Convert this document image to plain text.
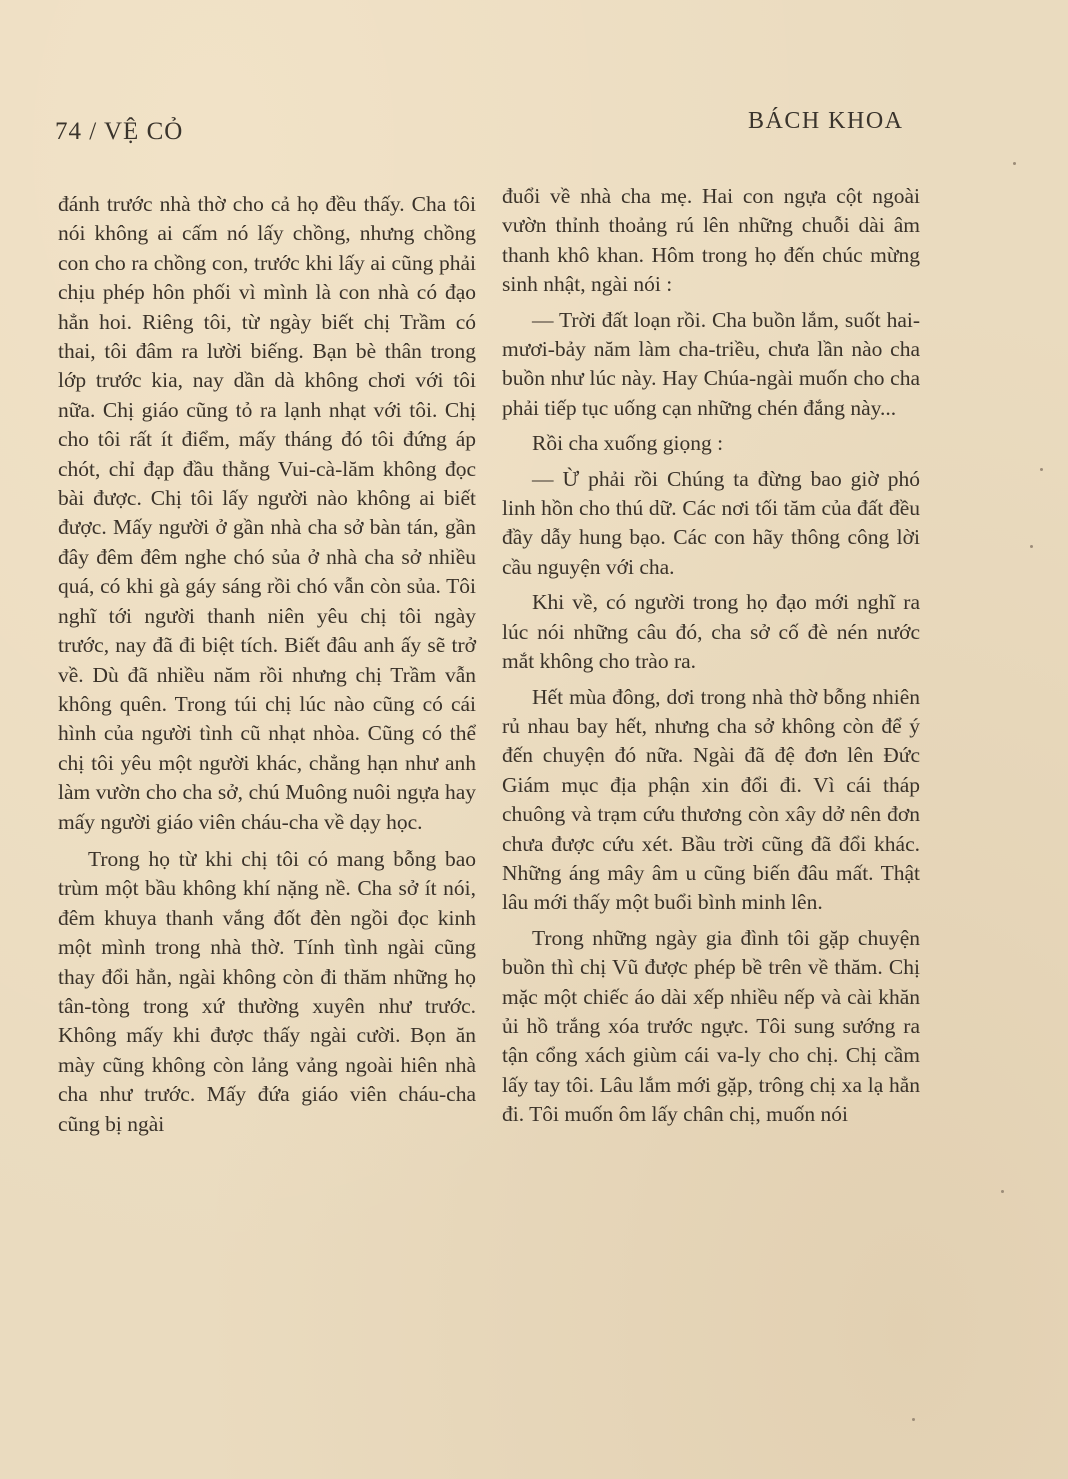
74 / VỆ CỎ	BÁCH KHOA

đánh trước nhà thờ cho cả họ đều thấy. Cha tôi nói không ai cấm nó lấy chồng, nhưng chồng con cho ra chồng con, trước khi lấy ai cũng phải chịu phép hôn phối vì mình là con nhà có đạo hẳn hoi. Riêng tôi, từ ngày biết chị Trầm có thai, tôi đâm ra lười biếng. Bạn bè thân trong lớp trước kia, nay dần dà không chơi với tôi nữa. Chị giáo cũng tỏ ra lạnh nhạt với tôi. Chị cho tôi rất ít điểm, mấy tháng đó tôi đứng áp chót, chỉ đạp đầu thằng Vui-cà-lăm không đọc bài được. Chị tôi lấy người nào không ai biết được. Mấy người ở gần nhà cha sở bàn tán, gần đây đêm đêm nghe chó sủa ở nhà cha sở nhiều quá, có khi gà gáy sáng rồi chó vẫn còn sủa. Tôi nghĩ tới người thanh niên yêu chị tôi ngày trước, nay đã đi biệt tích. Biết đâu anh ấy sẽ trở về. Dù đã nhiều năm rồi nhưng chị Trầm vẫn không quên. Trong túi chị lúc nào cũng có cái hình của người tình cũ nhạt nhòa. Cũng có thể chị tôi yêu một người khác, chẳng hạn như anh làm vườn cho cha sở, chú Muông nuôi ngựa hay mấy người giáo viên cháu-cha về dạy học.

Trong họ từ khi chị tôi có mang bỗng bao trùm một bầu không khí nặng nề. Cha sở ít nói, đêm khuya thanh vắng đốt đèn ngồi đọc kinh một mình trong nhà thờ. Tính tình ngài cũng thay đổi hẳn, ngài không còn đi thăm những họ tân-tòng trong xứ thường xuyên như trước. Không mấy khi được thấy ngài cười. Bọn ăn mày cũng không còn lảng vảng ngoài hiên nhà cha như trước. Mấy đứa giáo viên cháu-cha cũng bị ngài

đuổi về nhà cha mẹ. Hai con ngựa cột ngoài vườn thỉnh thoảng rú lên những chuỗi dài âm thanh khô khan. Hôm trong họ đến chúc mừng sinh nhật, ngài nói :

— Trời đất loạn rồi. Cha buồn lắm, suốt hai-mươi-bảy năm làm cha-triều, chưa lần nào cha buồn như lúc này. Hay Chúa-ngài muốn cho cha phải tiếp tục uống cạn những chén đắng này...

Rồi cha xuống giọng :

— Ừ phải rồi Chúng ta đừng bao giờ phó linh hồn cho thú dữ. Các nơi tối tăm của đất đều đầy dẫy hung bạo. Các con hãy thông công lời cầu nguyện với cha.

Khi về, có người trong họ đạo mới nghĩ ra lúc nói những câu đó, cha sở cố đè nén nước mắt không cho trào ra.

Hết mùa đông, dơi trong nhà thờ bỗng nhiên rủ nhau bay hết, nhưng cha sở không còn để ý đến chuyện đó nữa. Ngài đã đệ đơn lên Đức Giám mục địa phận xin đổi đi. Vì cái tháp chuông và trạm cứu thương còn xây dở nên đơn chưa được cứu xét. Bầu trời cũng đã đổi khác. Những áng mây âm u cũng biến đâu mất. Thật lâu mới thấy một buổi bình minh lên.

Trong những ngày gia đình tôi gặp chuyện buồn thì chị Vũ được phép bề trên về thăm. Chị mặc một chiếc áo dài xếp nhiều nếp và cài khăn ủi hồ trắng xóa trước ngực. Tôi sung sướng ra tận cổng xách giùm cái va-ly cho chị. Chị cầm lấy tay tôi. Lâu lắm mới gặp, trông chị xa lạ hẳn đi. Tôi muốn ôm lấy chân chị, muốn nói
